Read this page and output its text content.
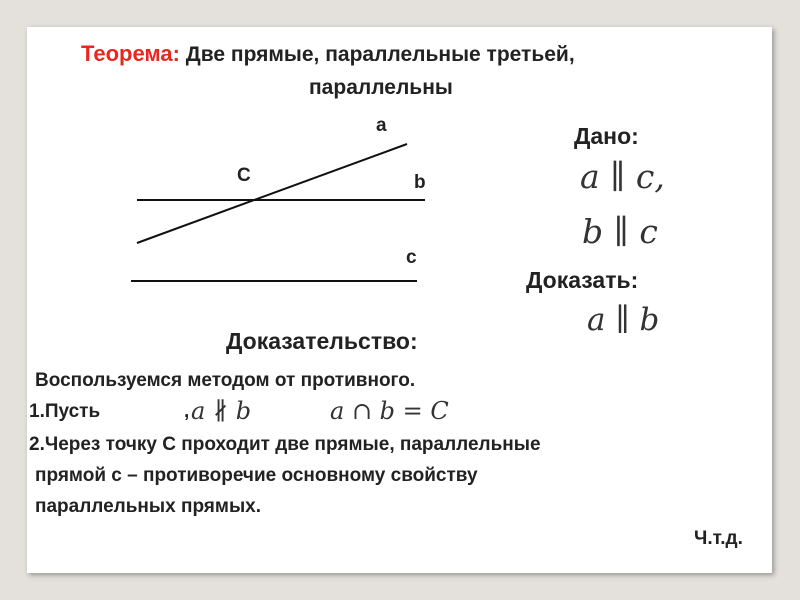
Теорема: Две прямые, параллельные третьей,
параллельны
a
b
c
C
Дано:
a ∥ c,
b ∥ c
Доказать:
a ∥ b
Доказательство:
Воспользуемся методом от противного.
1.Пусть	, a ∦ b	a ∩ b = C
2.Через точку С проходит две прямые, параллельные
прямой с – противоречие основному свойству
параллельных прямых.
Ч.т.д.
